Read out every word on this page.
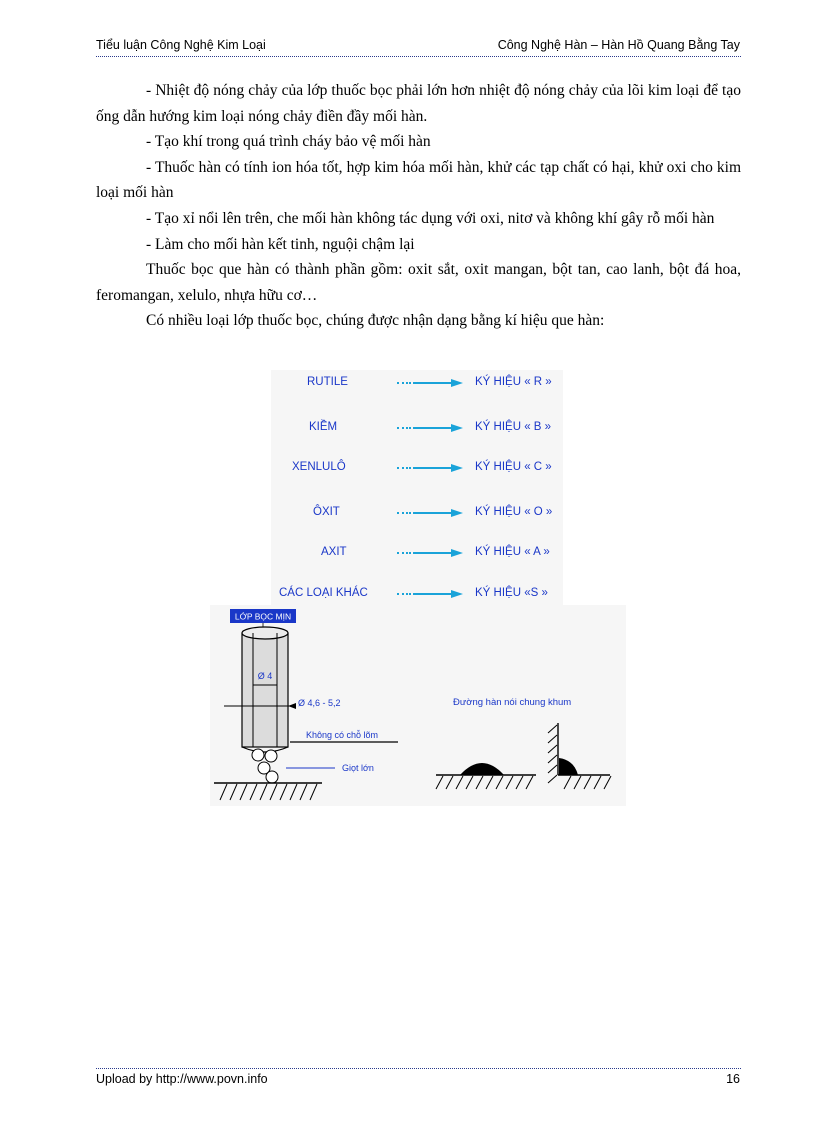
Tiểu luận Công Nghệ Kim Loại	Công Nghệ Hàn – Hàn Hồ Quang Bằng Tay

- Nhiệt độ nóng chảy của lớp thuốc bọc phải lớn hơn nhiệt độ nóng chảy của lõi kim loại để tạo ống dẫn hướng kim loại nóng chảy điền đầy mối hàn.

- Tạo khí trong quá trình cháy bảo vệ mối hàn

- Thuốc hàn có tính ion hóa tốt, hợp kim hóa mối hàn, khử các tạp chất có hại, khử oxi cho kim loại mối hàn

- Tạo xỉ nổi lên trên, che mối hàn không tác dụng với oxi, nitơ và không khí gây rỗ mối hàn

- Làm cho mối hàn kết tinh, nguội chậm lại

Thuốc bọc que hàn có thành phần gồm: oxit sắt, oxit mangan, bột tan, cao lanh, bột đá hoa, feromangan, xelulo, nhựa hữu cơ…

Có nhiều loại lớp thuốc bọc, chúng được nhận dạng bằng kí hiệu que hàn:

RUTILE	KÝ HIỆU « R »
KIỀM	KÝ HIỆU « B »
XENLULÔ	KÝ HIỆU « C »
ÔXIT	KÝ HIỆU « O »
AXIT	KÝ HIỆU « A »
CÁC LOẠI KHÁC	KÝ HIỆU «S »
LỚP BỌC MỊN
Ø 4
Ø 4,6 - 5,2
Không có chỗ lõm
Giọt lớn
Đường hàn nói chung khum
Upload by http://www.povn.info	16
